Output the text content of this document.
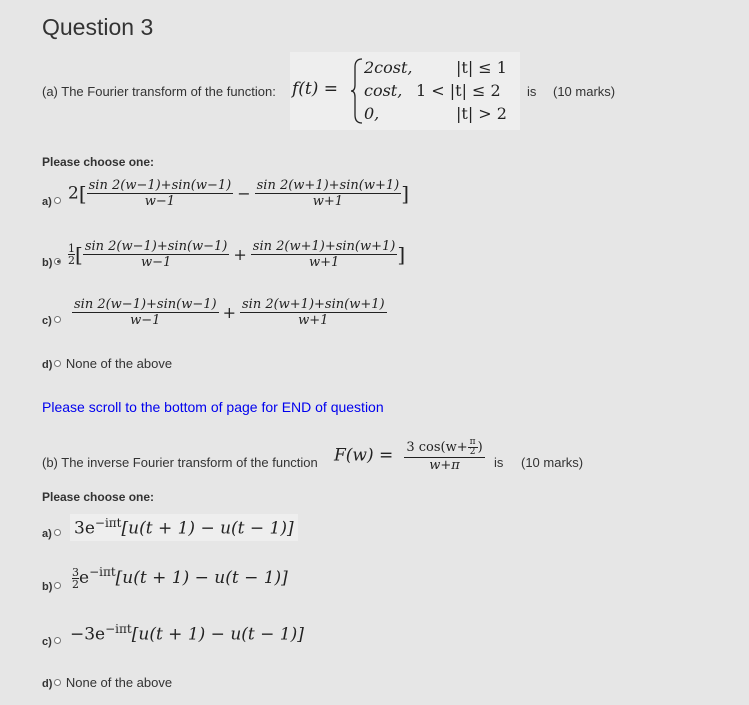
Question 3
(a) The Fourier transform of the function: f(t) =
2cost,	|t| ≤ 1
cost, 1 < |t| ≤ 2
0,	|t| > 2
is (10 marks)
Please choose one:
a) $2[ \frac{\sin 2(w-1)+\sin(w-1)}{w-1} - \frac{\sin 2(w+1)+\sin(w+1)}{w+1}$ ]
b)	$\frac{1}{2}$ [ $\frac{\sin 2(w-1)+\sin(w-1)}{w-1} + \frac{\sin 2(w+1)+\sin(w+1)}{w+1}$ ]
c)	$\frac{\sin 2(w-1)+\sin(w-1)}{w-1} + \frac{\sin 2(w+1)+\sin(w+1)}{w+1}$
d) None of the above
Please scroll to the bottom of page for END of question
(b) The inverse Fourier transform of the function $F(w) = \frac{3 \cos(w+ \frac{\pi}{2} )}{w+\pi}$ is (10 marks)
Please choose one:
a)	$3e^{-i\pi t}[u(t + 1) - u(t - 1)]$
b)	$\frac{3}{2} e^{-i\pi t}[u(t + 1) - u(t - 1)]$
c)	$-3e^{-i\pi t}[u(t + 1) - u(t - 1)]$
d) None of the above
